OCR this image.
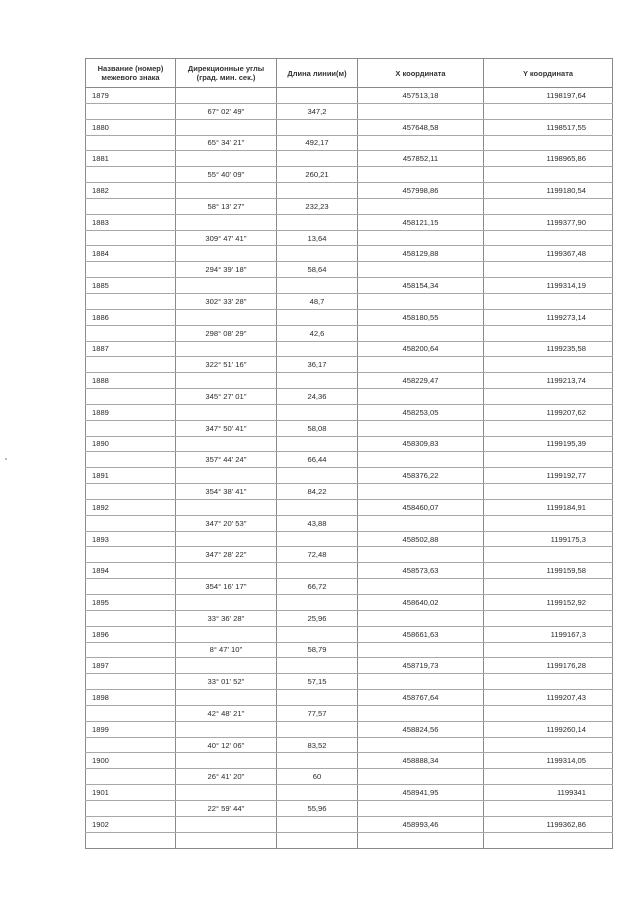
Название (номер) межевого знака	Дирекционные углы (град. мин. сек.)	Длина линии(м)	X координата	Y координата
1879			457513,18	1198197,64
	67° 02' 49''	347,2		
1880			457648,58	1198517,55
	65° 34' 21''	492,17		
1881			457852,11	1198965,86
	55° 40' 09''	260,21		
1882			457998,86	1199180,54
	58° 13' 27''	232,23		
1883			458121,15	1199377,90
	309° 47' 41''	13,64		
1884			458129,88	1199367,48
	294° 39' 18''	58,64		
1885			458154,34	1199314,19
	302° 33' 28''	48,7		
1886			458180,55	1199273,14
	298° 08' 29''	42,6		
1887			458200,64	1199235,58
	322° 51' 16''	36,17		
1888			458229,47	1199213,74
	345° 27' 01''	24,36		
1889			458253,05	1199207,62
	347° 50' 41''	58,08		
1890			458309,83	1199195,39
	357° 44' 24''	66,44		
1891			458376,22	1199192,77
	354° 38' 41''	84,22		
1892			458460,07	1199184,91
	347° 20' 53''	43,88		
1893			458502,88	1199175,3
	347° 28' 22''	72,48		
1894			458573,63	1199159,58
	354° 16' 17''	66,72		
1895			458640,02	1199152,92
	33° 36' 28''	25,96		
1896			458661,63	1199167,3
	8° 47' 10''	58,79		
1897			458719,73	1199176,28
	33° 01' 52''	57,15		
1898			458767,64	1199207,43
	42° 48' 21''	77,57		
1899			458824,56	1199260,14
	40° 12' 06''	83,52		
1900			458888,34	1199314,05
	26° 41' 20''	60		
1901			458941,95	1199341
	22° 59' 44''	55,96		
1902			458993,46	1199362,86
